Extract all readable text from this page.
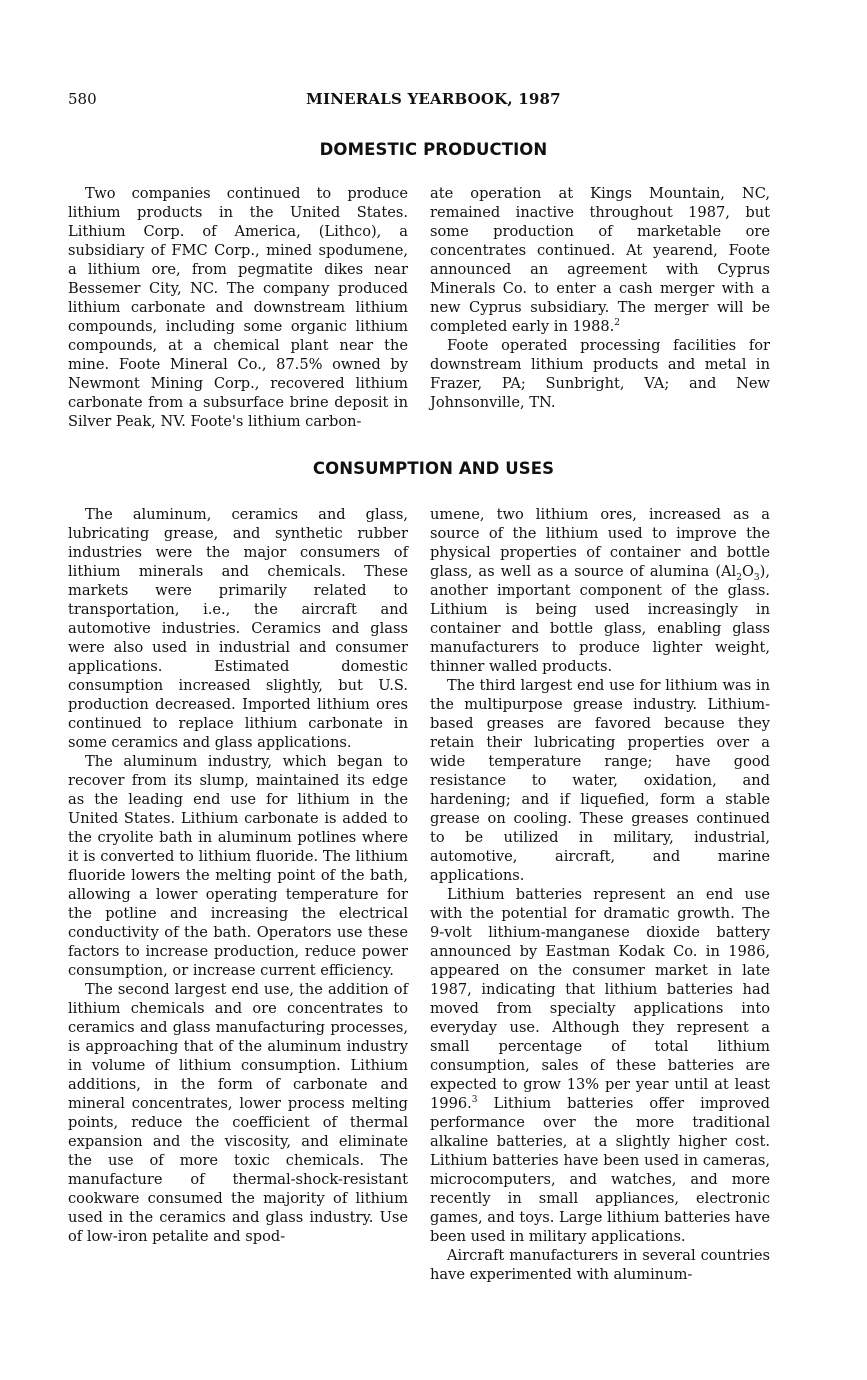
580	MINERALS YEARBOOK, 1987
DOMESTIC PRODUCTION

Two companies continued to produce lithium products in the United States. Lithium Corp. of America, (Lithco), a subsidiary of FMC Corp., mined spodumene, a lithium ore, from pegmatite dikes near Bessemer City, NC. The company produced lithium carbonate and downstream lithium compounds, including some organic lithium compounds, at a chemical plant near the mine. Foote Mineral Co., 87.5% owned by Newmont Mining Corp., recovered lithium carbonate from a subsurface brine deposit in Silver Peak, NV. Foote's lithium carbon-

ate operation at Kings Mountain, NC, remained inactive throughout 1987, but some production of marketable ore concentrates continued. At yearend, Foote announced an agreement with Cyprus Minerals Co. to enter a cash merger with a new Cyprus subsidiary. The merger will be completed early in 1988.$^2$

Foote operated processing facilities for downstream lithium products and metal in Frazer, PA; Sunbright, VA; and New Johnsonville, TN.

CONSUMPTION AND USES

The aluminum, ceramics and glass, lubricating grease, and synthetic rubber industries were the major consumers of lithium minerals and chemicals. These markets were primarily related to transportation, i.e., the aircraft and automotive industries. Ceramics and glass were also used in industrial and consumer applications. Estimated domestic consumption increased slightly, but U.S. production decreased. Imported lithium ores continued to replace lithium carbonate in some ceramics and glass applications.

The aluminum industry, which began to recover from its slump, maintained its edge as the leading end use for lithium in the United States. Lithium carbonate is added to the cryolite bath in aluminum potlines where it is converted to lithium fluoride. The lithium fluoride lowers the melting point of the bath, allowing a lower operating temperature for the potline and increasing the electrical conductivity of the bath. Operators use these factors to increase production, reduce power consumption, or increase current efficiency.

The second largest end use, the addition of lithium chemicals and ore concentrates to ceramics and glass manufacturing processes, is approaching that of the aluminum industry in volume of lithium consumption. Lithium additions, in the form of carbonate and mineral concentrates, lower process melting points, reduce the coefficient of thermal expansion and the viscosity, and eliminate the use of more toxic chemicals. The manufacture of thermal-shock-resistant cookware consumed the majority of lithium used in the ceramics and glass industry. Use of low-iron petalite and spod-

umene, two lithium ores, increased as a source of the lithium used to improve the physical properties of container and bottle glass, as well as a source of alumina $(Al_2O_3)$, another important component of the glass. Lithium is being used increasingly in container and bottle glass, enabling glass manufacturers to produce lighter weight, thinner walled products.

The third largest end use for lithium was in the multipurpose grease industry. Lithium-based greases are favored because they retain their lubricating properties over a wide temperature range; have good resistance to water, oxidation, and hardening; and if liquefied, form a stable grease on cooling. These greases continued to be utilized in military, industrial, automotive, aircraft, and marine applications.

Lithium batteries represent an end use with the potential for dramatic growth. The 9-volt lithium-manganese dioxide battery announced by Eastman Kodak Co. in 1986, appeared on the consumer market in late 1987, indicating that lithium batteries had moved from specialty applications into everyday use. Although they represent a small percentage of total lithium consumption, sales of these batteries are expected to grow 13% per year until at least 1996.$^3$ Lithium batteries offer improved performance over the more traditional alkaline batteries, at a slightly higher cost. Lithium batteries have been used in cameras, microcomputers, and watches, and more recently in small appliances, electronic games, and toys. Large lithium batteries have been used in military applications.

Aircraft manufacturers in several countries have experimented with aluminum-
